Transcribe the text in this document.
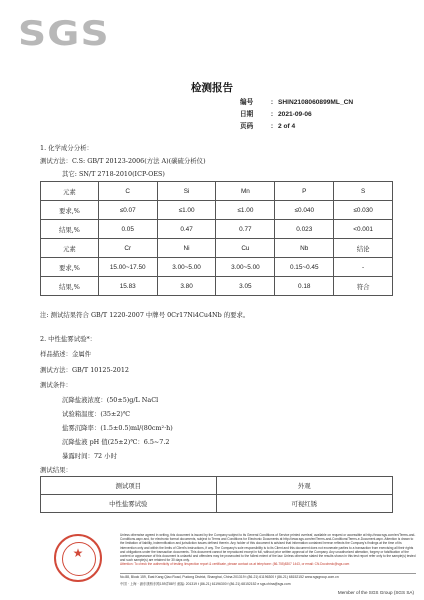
SGS
检测报告
编号	: SHIN2108060899ML_CN
日期	: 2021-09-06
页码	: 2 of 4
1. 化学成分分析：
测试方法：C.S: GB/T 20123-2006(方法 A)(碳硫分析仪)
其它: SN/T 2718-2010(ICP-OES)
元素	C	Si	Mn	P	S
要求,%	≤0.07	≤1.00	≤1.00	≤0.040	≤0.030
结果,%	0.05	0.47	0.77	0.023	<0.001
元素	Cr	Ni	Cu	Nb	结论
要求,%	15.00~17.50	3.00~5.00	3.00~5.00	0.15~0.45	-
结果,%	15.83	3.80	3.05	0.18	符合
注: 测试结果符合 GB/T 1220-2007 中牌号 0Cr17Ni4Cu4Nb 的要求。
2. 中性盐雾试验*：
样品描述：金属件
测试方法：GB/T 10125-2012
测试条件：
沉降盐液浓度：(50±5)g/L NaCl
试验箱温度：(35±2)℃
盐雾沉降率：(1.5±0.5)ml/(80cm²·h)
沉降盐液 pH 值(25±2)℃：6.5~7.2
暴露时间：72 小时
测试结果：
测试项目	外观
中性盐雾试验	可视红锈
★
Unless otherwise agreed in writing, this document is issued by the Company subject to its General Conditions of Service printed overleaf, available on request or accessible at http://www.sgs.com/en/Terms-and-Conditions.aspx and, for electronic format documents, subject to Terms and Conditions for Electronic Documents at http://www.sgs.com/en/Terms-and-Conditions/Terms-e-Document.aspx. Attention is drawn to the limitation of liability, indemnification and jurisdiction issues defined therein. Any holder of this document is advised that information contained hereon reflects the Company's findings at the time of its intervention only and within the limits of Client's instructions, if any. The Company's sole responsibility is to its Client and this document does not exonerate parties to a transaction from exercising all their rights and obligations under the transaction documents. This document cannot be reproduced except in full, without prior written approval of the Company. Any unauthorized alteration, forgery or falsification of the content or appearance of this document is unlawful and offenders may be prosecuted to the fullest extent of the law. Unless otherwise stated the results shown in this test report refer only to the sample(s) tested and such sample(s) are retained for 30 days only.
Attention: To check the authenticity of testing /inspection report & certificate, please contact us at telephone: (86-755)8307 1443, or email: CN.Doccheck@sgs.com
No.88, Block 159, East Kang Qiao Road, Pudong District, Shanghai, China 201319 t (86-21) 61196300 f (86-21) 68152152 www.sgsgroup.com.cn
中国 · 上海 · 浦东康桥东路159弄88号 邮编: 201319 t (86-21) 61196300 f (86-21) 68152152 e sgs.china@sgs.com
Member of the SGS Group (SGS SA)
